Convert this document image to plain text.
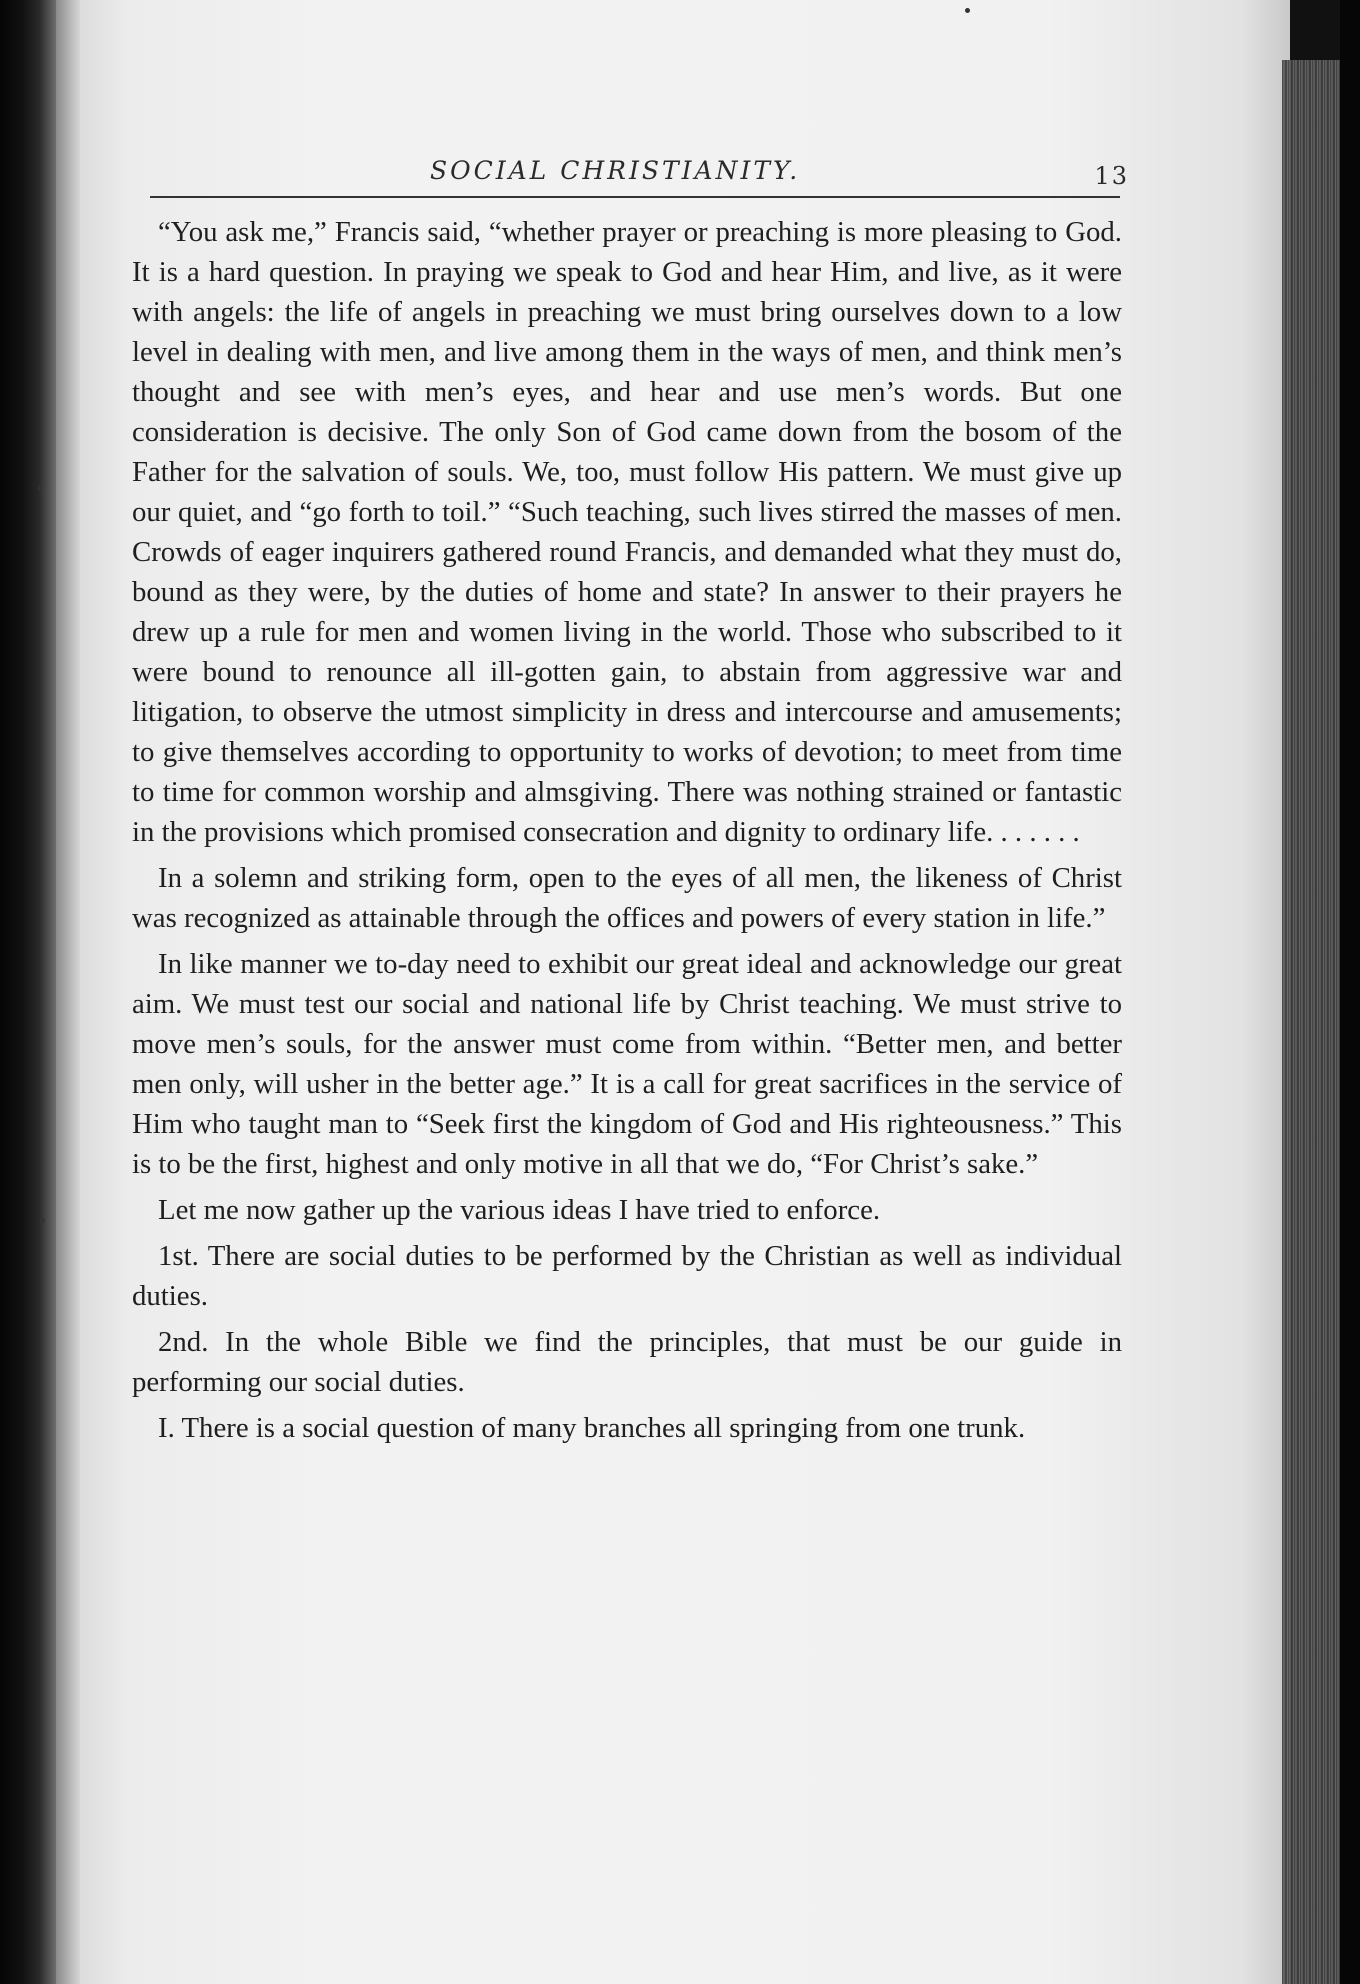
SOCIAL CHRISTIANITY.	13

“You ask me,” Francis said, “whether prayer or preaching is more pleasing to God. It is a hard question. In praying we speak to God and hear Him, and live, as it were with angels: the life of angels in preaching we must bring ourselves down to a low level in dealing with men, and live among them in the ways of men, and think men’s thought and see with men’s eyes, and hear and use men’s words. But one consideration is decisive. The only Son of God came down from the bosom of the Father for the salvation of souls. We, too, must follow His pattern. We must give up our quiet, and “go forth to toil.” “Such teaching, such lives stirred the masses of men. Crowds of eager inquirers gathered round Francis, and demanded what they must do, bound as they were, by the duties of home and state? In answer to their prayers he drew up a rule for men and women living in the world. Those who subscribed to it were bound to renounce all ill-gotten gain, to abstain from aggressive war and litigation, to observe the utmost simplicity in dress and intercourse and amusements; to give themselves according to opportunity to works of devotion; to meet from time to time for common worship and almsgiving. There was nothing strained or fantastic in the provisions which promised consecration and dignity to ordinary life. . . . . . .

In a solemn and striking form, open to the eyes of all men, the likeness of Christ was recognized as attainable through the offices and powers of every station in life.”

In like manner we to-day need to exhibit our great ideal and acknowledge our great aim. We must test our social and national life by Christ teaching. We must strive to move men’s souls, for the answer must come from within. “Better men, and better men only, will usher in the better age.” It is a call for great sacrifices in the service of Him who taught man to “Seek first the kingdom of God and His righteousness.” This is to be the first, highest and only motive in all that we do, “For Christ’s sake.”

Let me now gather up the various ideas I have tried to enforce.

1st. There are social duties to be performed by the Christian as well as individual duties.

2nd. In the whole Bible we find the principles, that must be our guide in performing our social duties.

I. There is a social question of many branches all springing from one trunk.
